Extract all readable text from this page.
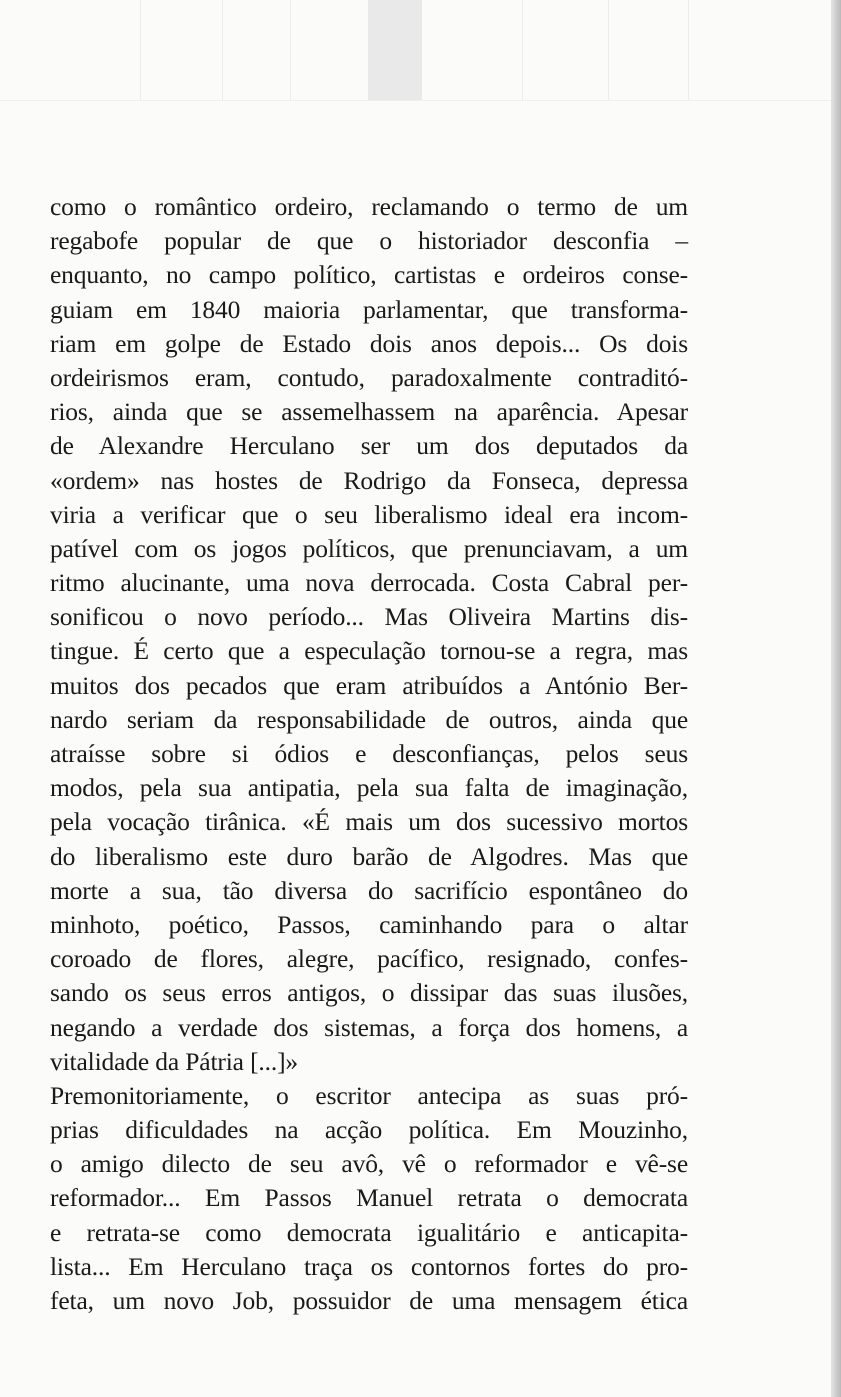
como o romântico ordeiro, reclamando o termo de um
regabofe popular de que o historiador desconfia –
enquanto, no campo político, cartistas e ordeiros conse-
guiam em 1840 maioria parlamentar, que transforma-
riam em golpe de Estado dois anos depois... Os dois
ordeirismos eram, contudo, paradoxalmente contraditó-
rios, ainda que se assemelhassem na aparência. Apesar
de Alexandre Herculano ser um dos deputados da
«ordem» nas hostes de Rodrigo da Fonseca, depressa
viria a verificar que o seu liberalismo ideal era incom-
patível com os jogos políticos, que prenunciavam, a um
ritmo alucinante, uma nova derrocada. Costa Cabral per-
sonificou o novo período... Mas Oliveira Martins dis-
tingue. É certo que a especulação tornou-se a regra, mas
muitos dos pecados que eram atribuídos a António Ber-
nardo seriam da responsabilidade de outros, ainda que
atraísse sobre si ódios e desconfianças, pelos seus
modos, pela sua antipatia, pela sua falta de imaginação,
pela vocação tirânica. «É mais um dos sucessivo mortos
do liberalismo este duro barão de Algodres. Mas que
morte a sua, tão diversa do sacrifício espontâneo do
minhoto, poético, Passos, caminhando para o altar
coroado de flores, alegre, pacífico, resignado, confes-
sando os seus erros antigos, o dissipar das suas ilusões,
negando a verdade dos sistemas, a força dos homens, a
vitalidade da Pátria [...]»
Premonitoriamente, o escritor antecipa as suas pró-
prias dificuldades na acção política. Em Mouzinho,
o amigo dilecto de seu avô, vê o reformador e vê-se
reformador... Em Passos Manuel retrata o democrata
e retrata-se como democrata igualitário e anticapita-
lista... Em Herculano traça os contornos fortes do pro-
feta, um novo Job, possuidor de uma mensagem ética
